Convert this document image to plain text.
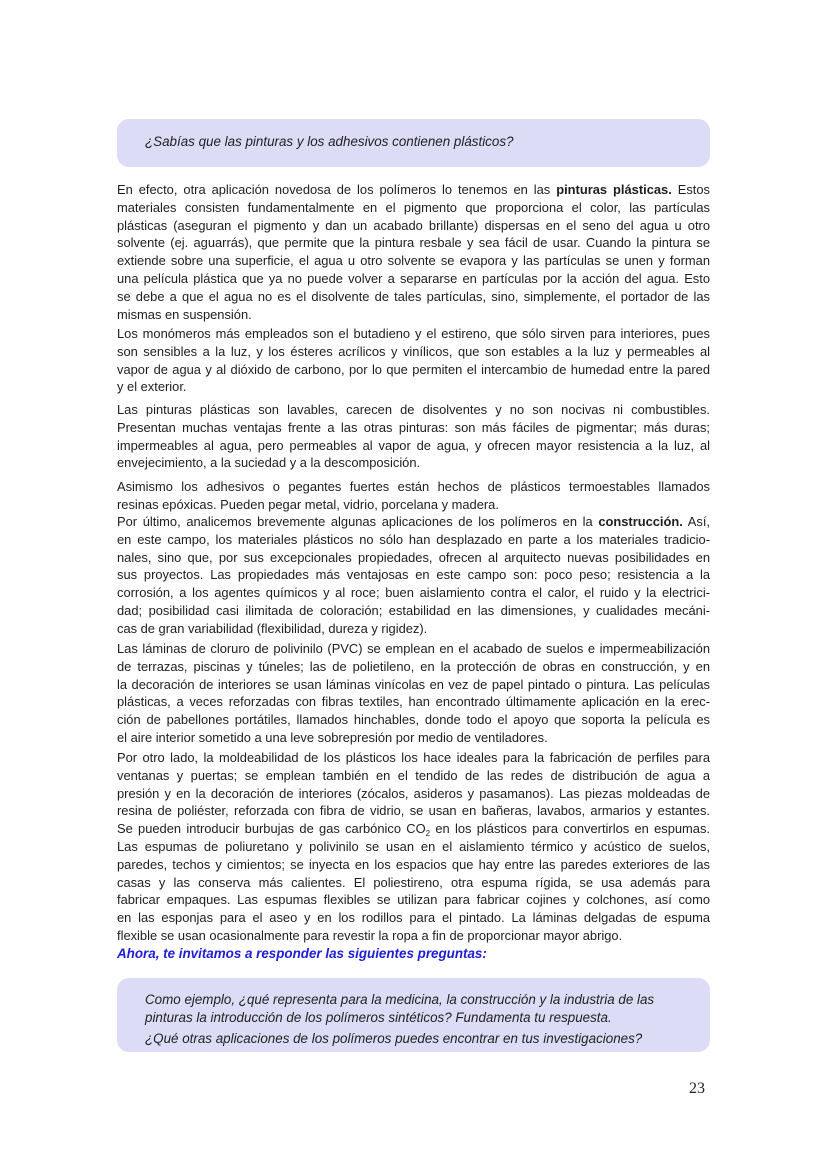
¿Sabías que las pinturas y los adhesivos contienen plásticos?
En efecto, otra aplicación novedosa de los polímeros lo tenemos en las pinturas plásticas. Estos
materiales consisten fundamentalmente en el pigmento que proporciona el color, las partículas
plásticas (aseguran el pigmento y dan un acabado brillante) dispersas en el seno del agua u otro
solvente (ej. aguarrás), que permite que la pintura resbale y sea fácil de usar. Cuando la pintura se
extiende sobre una superficie, el agua u otro solvente se evapora y las partículas se unen y forman
una película plástica que ya no puede volver a separarse en partículas por la acción del agua. Esto
se debe a que el agua no es el disolvente de tales partículas, sino, simplemente, el portador de las
mismas en suspensión.
Los monómeros más empleados son el butadieno y el estireno, que sólo sirven para interiores, pues
son sensibles a la luz, y los ésteres acrílicos y vinílicos, que son estables a la luz y permeables al
vapor de agua y al dióxido de carbono, por lo que permiten el intercambio de humedad entre la pared
y el exterior.
Las pinturas plásticas son lavables, carecen de disolventes y no son nocivas ni combustibles.
Presentan muchas ventajas frente a las otras pinturas: son más fáciles de pigmentar; más duras;
impermeables al agua, pero permeables al vapor de agua, y ofrecen mayor resistencia a la luz, al
envejecimiento, a la suciedad y a la descomposición.
Asimismo los adhesivos o pegantes fuertes están hechos de plásticos termoestables llamados
resinas epóxicas. Pueden pegar metal, vidrio, porcelana y madera.
Por último, analicemos brevemente algunas aplicaciones de los polímeros en la construcción. Así,
en este campo, los materiales plásticos no sólo han desplazado en parte a los materiales tradicio-
nales, sino que, por sus excepcionales propiedades, ofrecen al arquitecto nuevas posibilidades en
sus proyectos. Las propiedades más ventajosas en este campo son: poco peso; resistencia a la
corrosión, a los agentes químicos y al roce; buen aislamiento contra el calor, el ruido y la electrici-
dad; posibilidad casi ilimitada de coloración; estabilidad en las dimensiones, y cualidades mecáni-
cas de gran variabilidad (flexibilidad, dureza y rigidez).
Las láminas de cloruro de polivinilo (PVC) se emplean en el acabado de suelos e impermeabilización
de terrazas, piscinas y túneles; las de polietileno, en la protección de obras en construcción, y en
la decoración de interiores se usan láminas vinícolas en vez de papel pintado o pintura. Las películas
plásticas, a veces reforzadas con fibras textiles, han encontrado últimamente aplicación en la erec-
ción de pabellones portátiles, llamados hinchables, donde todo el apoyo que soporta la película es
el aire interior sometido a una leve sobrepresión por medio de ventiladores.
Por otro lado, la moldeabilidad de los plásticos los hace ideales para la fabricación de perfiles para
ventanas y puertas; se emplean también en el tendido de las redes de distribución de agua a
presión y en la decoración de interiores (zócalos, asideros y pasamanos). Las piezas moldeadas de
resina de poliéster, reforzada con fibra de vidrio, se usan en bañeras, lavabos, armarios y estantes.
Se pueden introducir burbujas de gas carbónico $CO_2$ en los plásticos para convertirlos en espumas.
Las espumas de poliuretano y polivinilo se usan en el aislamiento térmico y acústico de suelos,
paredes, techos y cimientos; se inyecta en los espacios que hay entre las paredes exteriores de las
casas y las conserva más calientes. El poliestireno, otra espuma rígida, se usa además para
fabricar empaques. Las espumas flexibles se utilizan para fabricar cojines y colchones, así como
en las esponjas para el aseo y en los rodillos para el pintado. La láminas delgadas de espuma
flexible se usan ocasionalmente para revestir la ropa a fin de proporcionar mayor abrigo.
Ahora, te invitamos a responder las siguientes preguntas:
Como ejemplo, ¿qué representa para la medicina, la construcción y la industria de las
pinturas la introducción de los polímeros sintéticos? Fundamenta tu respuesta.
¿Qué otras aplicaciones de los polímeros puedes encontrar en tus investigaciones?
23
